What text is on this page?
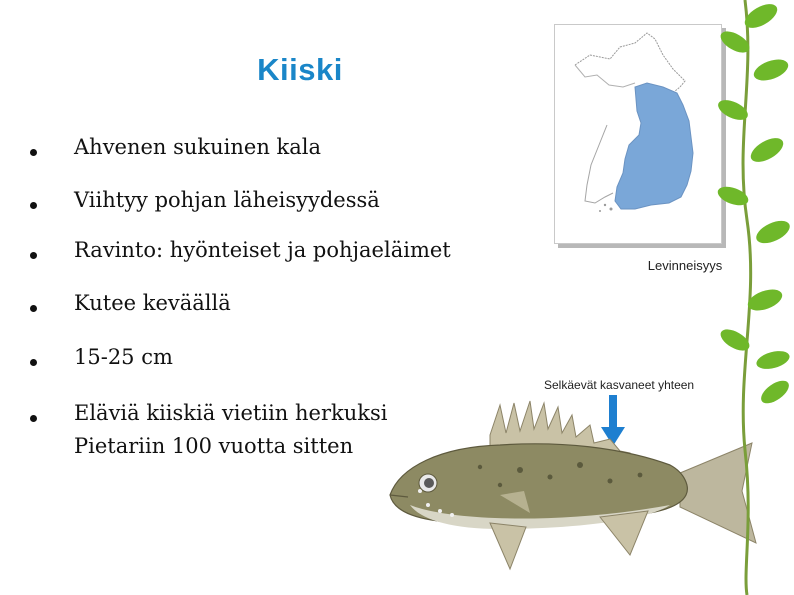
Kiiski
Ahvenen sukuinen kala
Viihtyy pohjan läheisyydessä
Ravinto: hyönteiset ja pohjaeläimet
Kutee keväällä
15-25 cm
Eläviä kiiskiä vietiin herkuksi
Pietariin 100 vuotta sitten
Levinneisyys
Selkäevät kasvaneet yhteen
